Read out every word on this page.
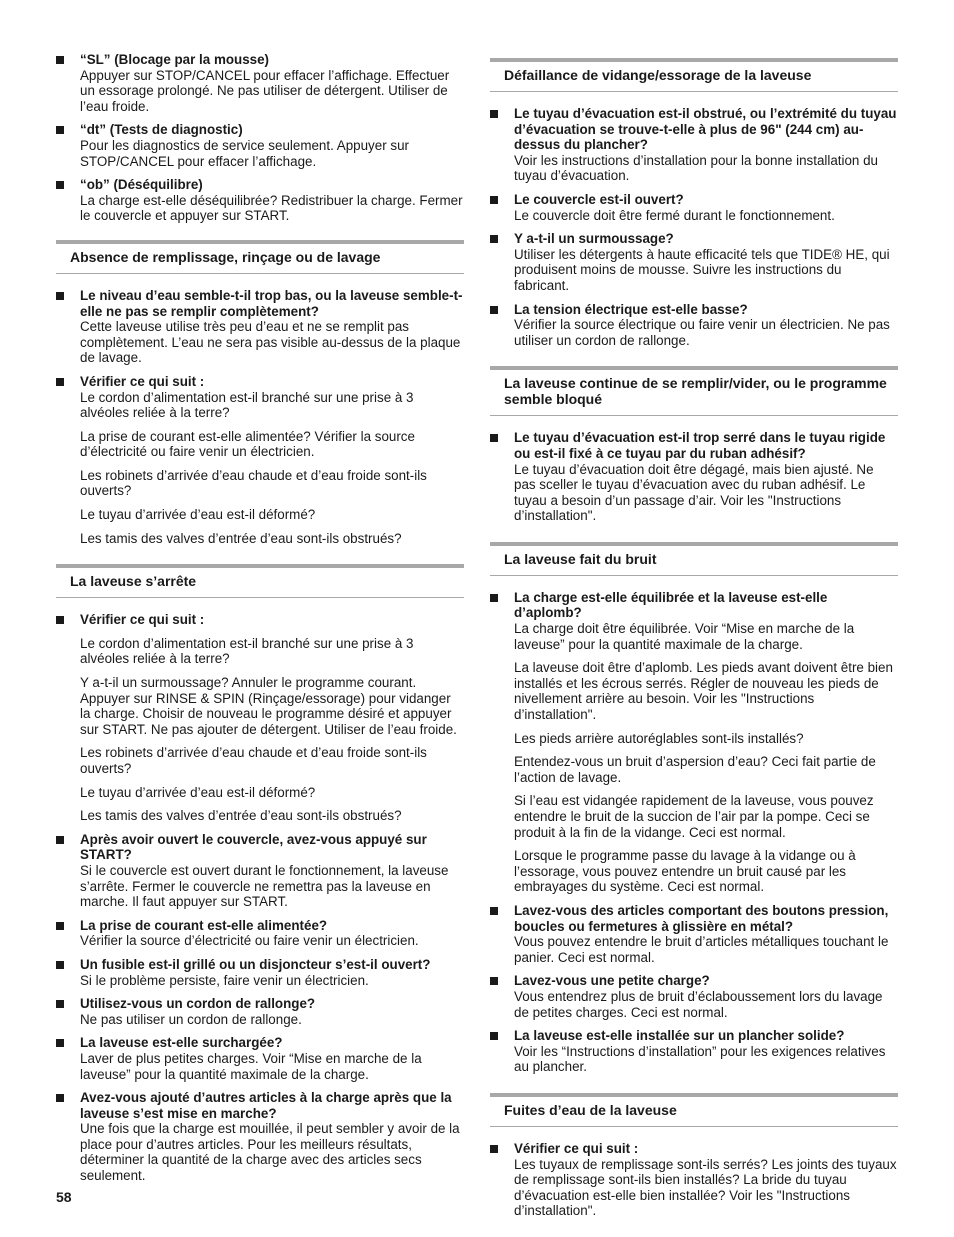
“SL” (Blocage par la mousse)
Appuyer sur STOP/CANCEL pour effacer l’affichage. Effectuer un essorage prolongé. Ne pas utiliser de détergent. Utiliser de l’eau froide.
“dt” (Tests de diagnostic)
Pour les diagnostics de service seulement. Appuyer sur STOP/CANCEL pour effacer l’affichage.
“ob” (Déséquilibre)
La charge est-elle déséquilibrée? Redistribuer la charge. Fermer le couvercle et appuyer sur START.
Absence de remplissage, rinçage ou de lavage
Le niveau d’eau semble-t-il trop bas, ou la laveuse semble-t-elle ne pas se remplir complètement?
Cette laveuse utilise très peu d’eau et ne se remplit pas complètement. L’eau ne sera pas visible au-dessus de la plaque de lavage.
Vérifier ce qui suit :
Le cordon d’alimentation est-il branché sur une prise à 3 alvéoles reliée à la terre?
La prise de courant est-elle alimentée? Vérifier la source d’électricité ou faire venir un électricien.
Les robinets d’arrivée d’eau chaude et d’eau froide sont-ils ouverts?
Le tuyau d’arrivée d’eau est-il déformé?
Les tamis des valves d’entrée d’eau sont-ils obstrués?
La laveuse s’arrête
Vérifier ce qui suit :
Le cordon d’alimentation est-il branché sur une prise à 3 alvéoles reliée à la terre?
Y a-t-il un surmoussage? Annuler le programme courant. Appuyer sur RINSE & SPIN (Rinçage/essorage) pour vidanger la charge. Choisir de nouveau le programme désiré et appuyer sur START. Ne pas ajouter de détergent. Utiliser de l’eau froide.
Les robinets d’arrivée d’eau chaude et d’eau froide sont-ils ouverts?
Le tuyau d’arrivée d’eau est-il déformé?
Les tamis des valves d’entrée d’eau sont-ils obstrués?
Après avoir ouvert le couvercle, avez-vous appuyé sur START?
Si le couvercle est ouvert durant le fonctionnement, la laveuse s’arrête. Fermer le couvercle ne remettra pas la laveuse en marche. Il faut appuyer sur START.
La prise de courant est-elle alimentée?
Vérifier la source d’électricité ou faire venir un électricien.
Un fusible est-il grillé ou un disjoncteur s’est-il ouvert?
Si le problème persiste, faire venir un électricien.
Utilisez-vous un cordon de rallonge?
Ne pas utiliser un cordon de rallonge.
La laveuse est-elle surchargée?
Laver de plus petites charges. Voir “Mise en marche de la laveuse” pour la quantité maximale de la charge.
Avez-vous ajouté d’autres articles à la charge après que la laveuse s’est mise en marche?
Une fois que la charge est mouillée, il peut sembler y avoir de la place pour d’autres articles. Pour les meilleurs résultats, déterminer la quantité de la charge avec des articles secs seulement.
Défaillance de vidange/essorage de la laveuse
Le tuyau d’évacuation est-il obstrué, ou l’extrémité du tuyau d’évacuation se trouve-t-elle à plus de 96" (244 cm) au-dessus du plancher?
Voir les instructions d’installation pour la bonne installation du tuyau d’évacuation.
Le couvercle est-il ouvert?
Le couvercle doit être fermé durant le fonctionnement.
Y a-t-il un surmoussage?
Utiliser les détergents à haute efficacité tels que TIDE® HE, qui produisent moins de mousse. Suivre les instructions du fabricant.
La tension électrique est-elle basse?
Vérifier la source électrique ou faire venir un électricien. Ne pas utiliser un cordon de rallonge.
La laveuse continue de se remplir/vider, ou le programme semble bloqué
Le tuyau d’évacuation est-il trop serré dans le tuyau rigide ou est-il fixé à ce tuyau par du ruban adhésif?
Le tuyau d’évacuation doit être dégagé, mais bien ajusté. Ne pas sceller le tuyau d’évacuation avec du ruban adhésif. Le tuyau a besoin d’un passage d’air. Voir les "Instructions d’installation".
La laveuse fait du bruit
La charge est-elle équilibrée et la laveuse est-elle d’aplomb?
La charge doit être équilibrée. Voir “Mise en marche de la laveuse” pour la quantité maximale de la charge.
La laveuse doit être d’aplomb. Les pieds avant doivent être bien installés et les écrous serrés. Régler de nouveau les pieds de nivellement arrière au besoin. Voir les "Instructions d’installation".
Les pieds arrière autoréglables sont-ils installés?
Entendez-vous un bruit d’aspersion d’eau? Ceci fait partie de l’action de lavage.
Si l’eau est vidangée rapidement de la laveuse, vous pouvez entendre le bruit de la succion de l’air par la pompe. Ceci se produit à la fin de la vidange. Ceci est normal.
Lorsque le programme passe du lavage à la vidange ou à l’essorage, vous pouvez entendre un bruit causé par les embrayages du système. Ceci est normal.
Lavez-vous des articles comportant des boutons pression, boucles ou fermetures à glissière en métal?
Vous pouvez entendre le bruit d’articles métalliques touchant le panier. Ceci est normal.
Lavez-vous une petite charge?
Vous entendrez plus de bruit d’éclaboussement lors du lavage de petites charges. Ceci est normal.
La laveuse est-elle installée sur un plancher solide?
Voir les “Instructions d’installation” pour les exigences relatives au plancher.
Fuites d’eau de la laveuse
Vérifier ce qui suit :
Les tuyaux de remplissage sont-ils serrés? Les joints des tuyaux de remplissage sont-ils bien installés? La bride du tuyau d’évacuation est-elle bien installée? Voir les "Instructions d’installation".
58
